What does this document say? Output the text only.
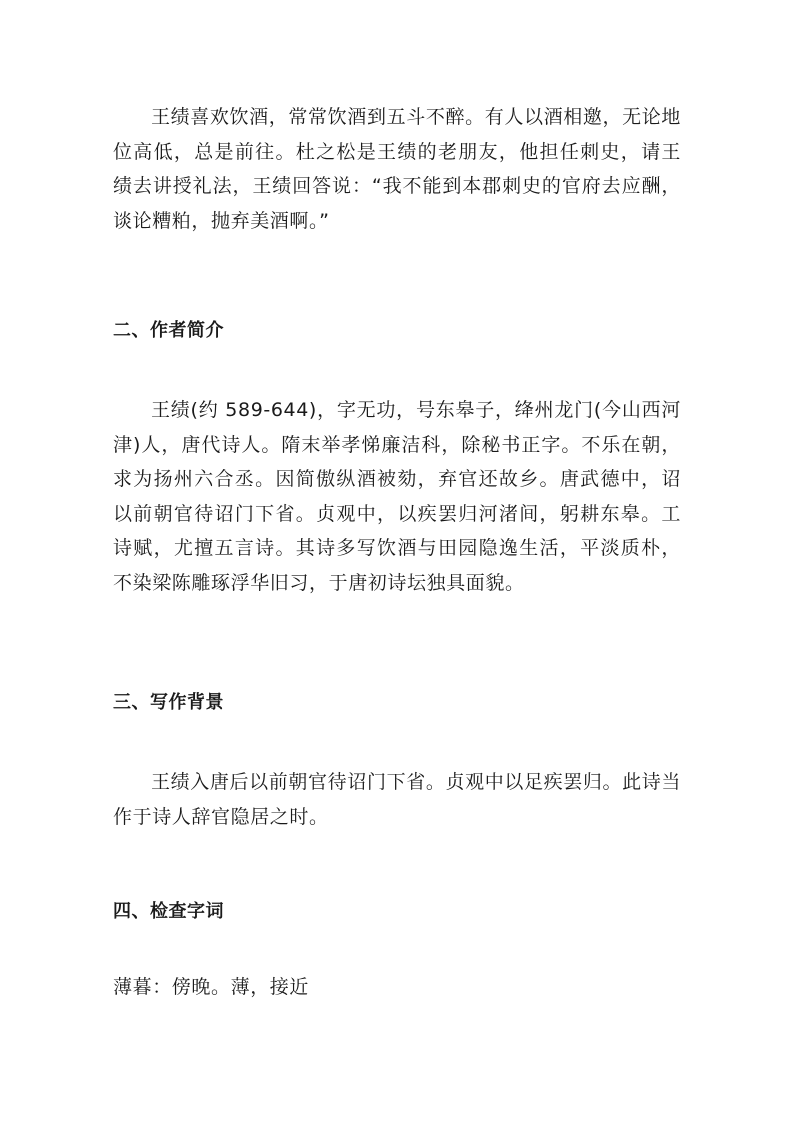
王绩喜欢饮酒，常常饮酒到五斗不醉。有人以酒相邀，无论地位高低，总是前往。杜之松是王绩的老朋友，他担任刺史，请王绩去讲授礼法，王绩回答说：“我不能到本郡刺史的官府去应酬，谈论糟粕，抛弃美酒啊。”

二、作者简介

王绩(约 589-644)，字无功，号东皋子，绛州龙门(今山西河津)人，唐代诗人。隋末举孝悌廉洁科，除秘书正字。不乐在朝，求为扬州六合丞。因简傲纵酒被劾，弃官还故乡。唐武德中，诏以前朝官待诏门下省。贞观中，以疾罢归河渚间，躬耕东皋。工诗赋，尤擅五言诗。其诗多写饮酒与田园隐逸生活，平淡质朴，不染梁陈雕琢浮华旧习，于唐初诗坛独具面貌。

三、写作背景

王绩入唐后以前朝官待诏门下省。贞观中以足疾罢归。此诗当作于诗人辞官隐居之时。

四、检查字词

薄暮：傍晚。薄，接近
